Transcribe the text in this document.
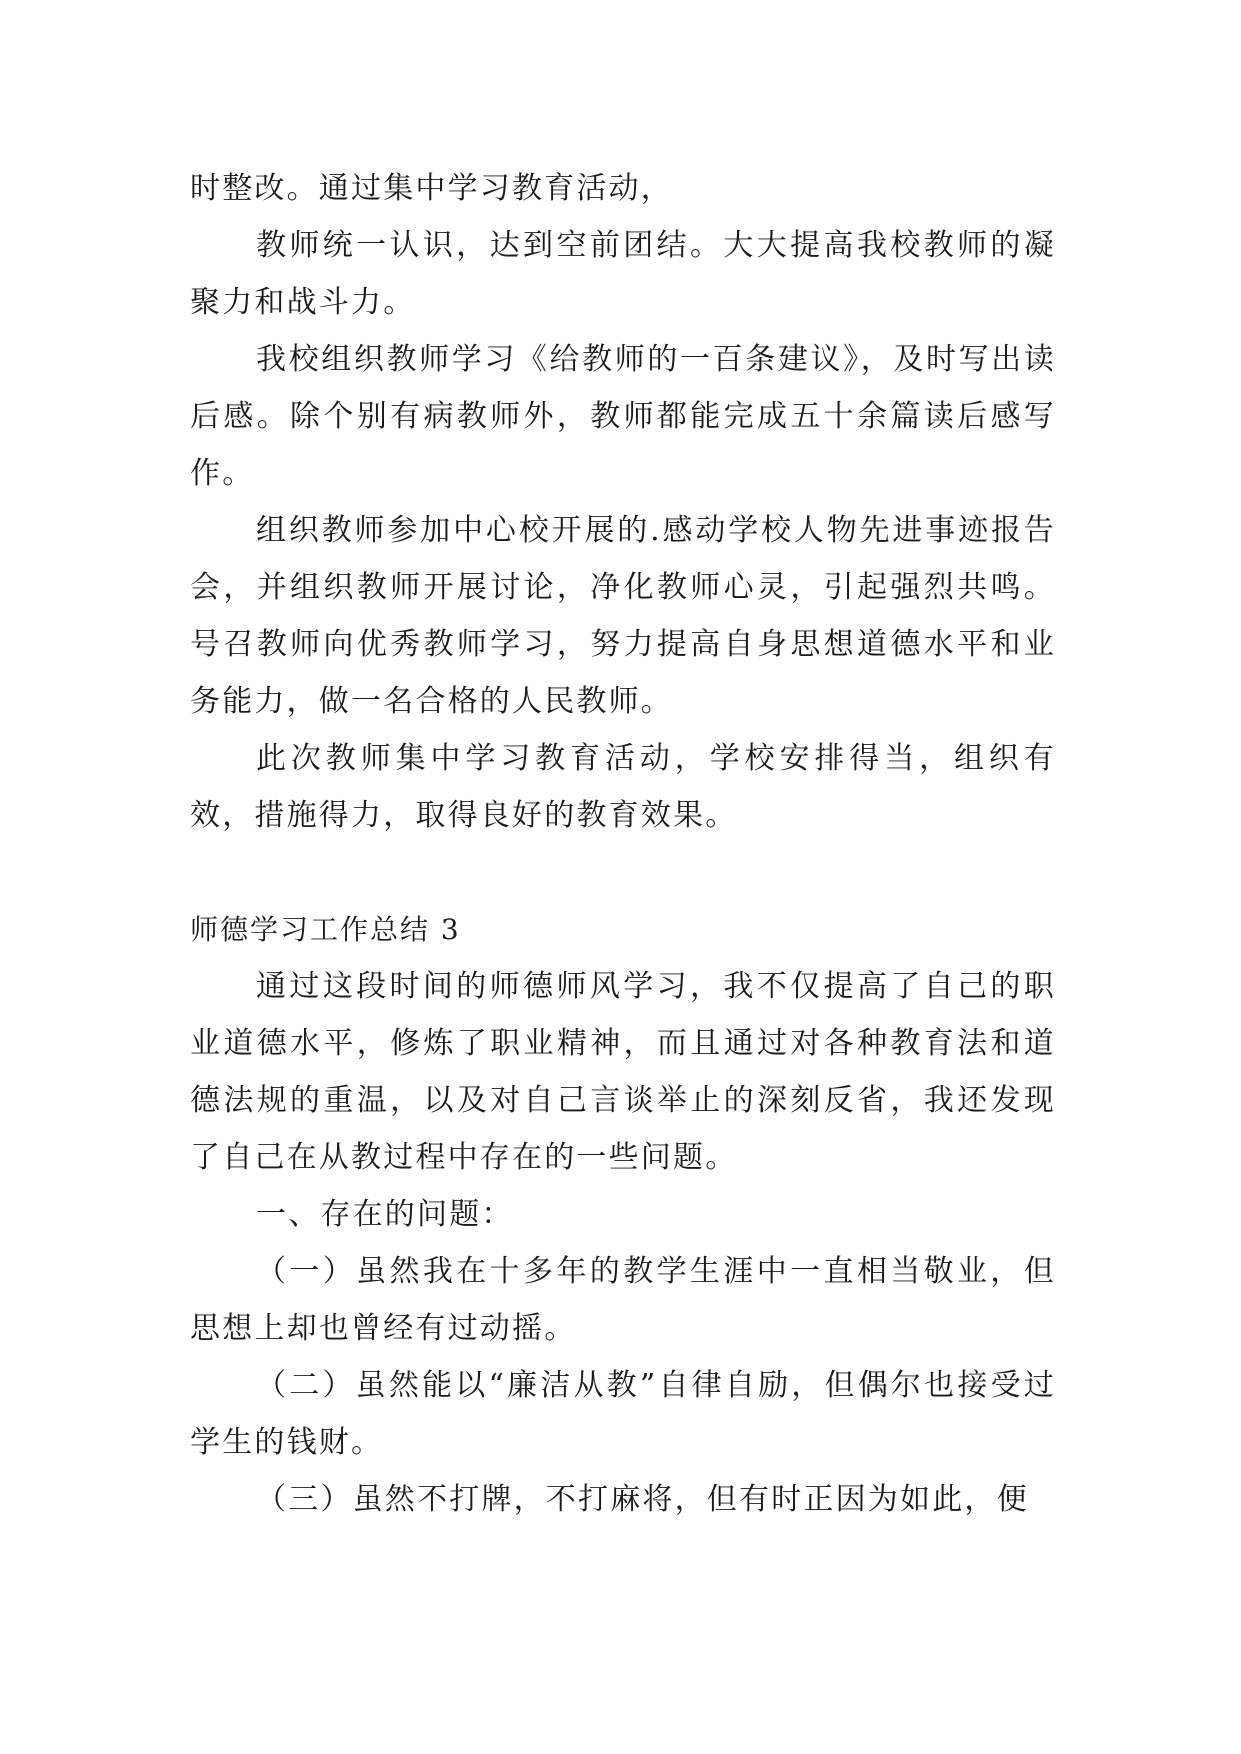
时整改。通过集中学习教育活动，

教师统一认识，达到空前团结。大大提高我校教师的凝聚力和战斗力。

我校组织教师学习《给教师的一百条建议》，及时写出读后感。除个别有病教师外，教师都能完成五十余篇读后感写作。

组织教师参加中心校开展的.感动学校人物先进事迹报告会，并组织教师开展讨论，净化教师心灵，引起强烈共鸣。号召教师向优秀教师学习，努力提高自身思想道德水平和业务能力，做一名合格的人民教师。

此次教师集中学习教育活动，学校安排得当，组织有效，措施得力，取得良好的教育效果。

师德学习工作总结 3

通过这段时间的师德师风学习，我不仅提高了自己的职业道德水平，修炼了职业精神，而且通过对各种教育法和道德法规的重温，以及对自己言谈举止的深刻反省，我还发现了自己在从教过程中存在的一些问题。

一、存在的问题：

（一）虽然我在十多年的教学生涯中一直相当敬业，但思想上却也曾经有过动摇。

（二）虽然能以“廉洁从教”自律自励，但偶尔也接受过学生的钱财。

（三）虽然不打牌，不打麻将，但有时正因为如此，便
